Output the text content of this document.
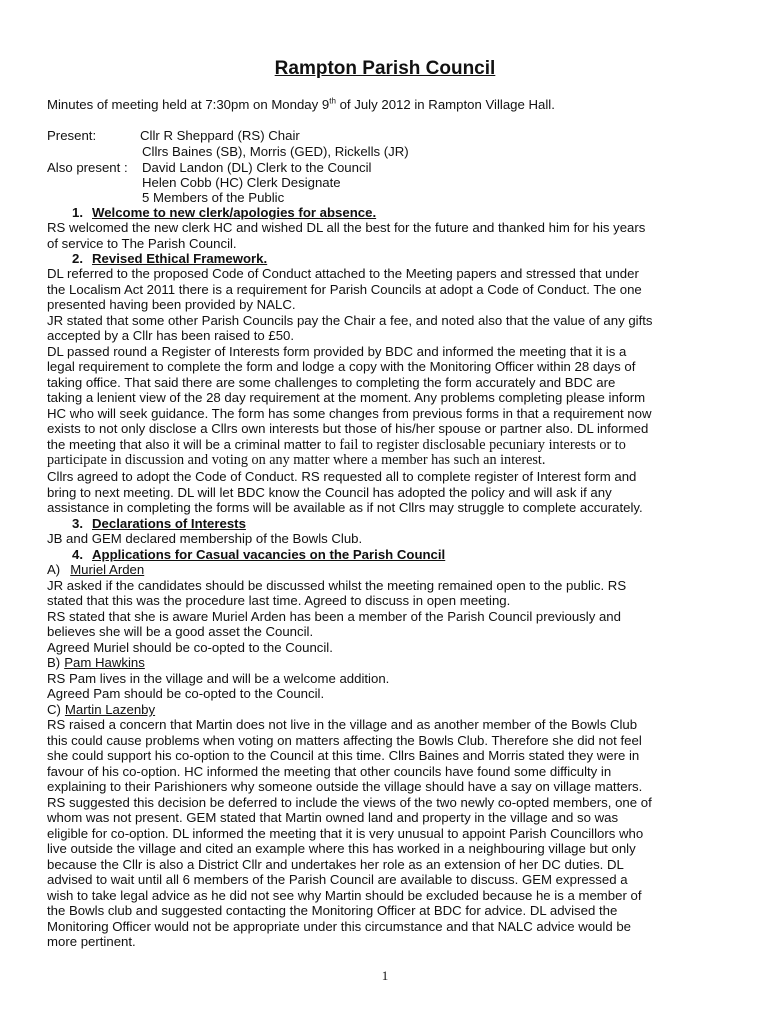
Rampton Parish Council
Minutes of meeting held at 7:30pm on Monday 9th of July 2012 in Rampton Village Hall.
Present:	Cllr R Sheppard (RS) Chair
Cllrs Baines (SB), Morris (GED), Rickells (JR)
Also present : David Landon (DL) Clerk to the Council
Helen Cobb (HC) Clerk Designate
5 Members of the Public
1. Welcome to new clerk/apologies for absence.
RS welcomed the new clerk HC and wished DL all the best for the future and thanked him for his years
of service to The Parish Council.
2. Revised Ethical Framework.
DL referred to the proposed Code of Conduct attached to the Meeting papers and stressed that under
the Localism Act 2011 there is a requirement for Parish Councils at adopt a Code of Conduct. The one
presented having been provided by NALC.
JR stated that some other Parish Councils pay the Chair a fee, and noted also that the value of any gifts
accepted by a Cllr has been raised to £50.
DL passed round a Register of Interests form provided by BDC and informed the meeting that it is a
legal requirement to complete the form and lodge a copy with the Monitoring Officer within 28 days of
taking office. That said there are some challenges to completing the form accurately and BDC are
taking a lenient view of the 28 day requirement at the moment. Any problems completing please inform
HC who will seek guidance. The form has some changes from previous forms in that a requirement now
exists to not only disclose a Cllrs own interests but those of his/her spouse or partner also. DL informed
the meeting that also it will be a criminal matter to fail to register disclosable pecuniary interests or to
participate in discussion and voting on any matter where a member has such an interest.
Cllrs agreed to adopt the Code of Conduct. RS requested all to complete register of Interest form and
bring to next meeting. DL will let BDC know the Council has adopted the policy and will ask if any
assistance in completing the forms will be available as if not Cllrs may struggle to complete accurately.
3. Declarations of Interests
JB and GEM declared membership of the Bowls Club.
4. Applications for Casual vacancies on the Parish Council
A) Muriel Arden
JR asked if the candidates should be discussed whilst the meeting remained open to the public. RS
stated that this was the procedure last time. Agreed to discuss in open meeting.
RS stated that she is aware Muriel Arden has been a member of the Parish Council previously and
believes she will be a good asset the Council.
Agreed Muriel should be co-opted to the Council.
B) Pam Hawkins
RS Pam lives in the village and will be a welcome addition.
Agreed Pam should be co-opted to the Council.
C) Martin Lazenby
RS raised a concern that Martin does not live in the village and as another member of the Bowls Club
this could cause problems when voting on matters affecting the Bowls Club. Therefore she did not feel
she could support his co-option to the Council at this time. Cllrs Baines and Morris stated they were in
favour of his co-option. HC informed the meeting that other councils have found some difficulty in
explaining to their Parishioners why someone outside the village should have a say on village matters.
RS suggested this decision be deferred to include the views of the two newly co-opted members, one of
whom was not present. GEM stated that Martin owned land and property in the village and so was
eligible for co-option. DL informed the meeting that it is very unusual to appoint Parish Councillors who
live outside the village and cited an example where this has worked in a neighbouring village but only
because the Cllr is also a District Cllr and undertakes her role as an extension of her DC duties. DL
advised to wait until all 6 members of the Parish Council are available to discuss. GEM expressed a
wish to take legal advice as he did not see why Martin should be excluded because he is a member of
the Bowls club and suggested contacting the Monitoring Officer at BDC for advice. DL advised the
Monitoring Officer would not be appropriate under this circumstance and that NALC advice would be
more pertinent.
1
